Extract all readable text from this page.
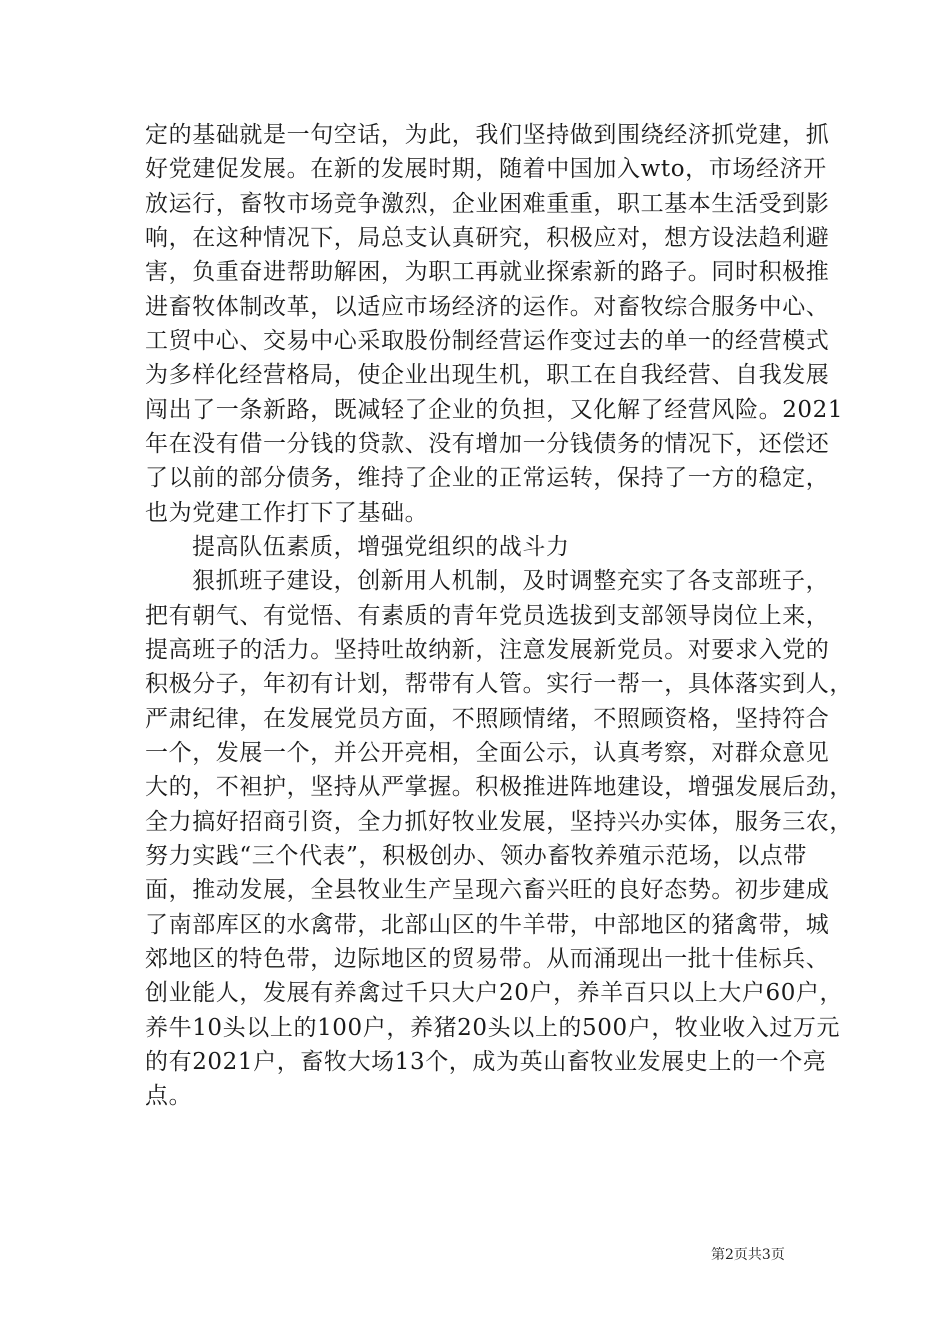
定的基础就是一句空话，为此，我们坚持做到围绕经济抓党建，抓
好党建促发展。在新的发展时期，随着中国加入wto，市场经济开
放运行，畜牧市场竞争激烈，企业困难重重，职工基本生活受到影
响，在这种情况下，局总支认真研究，积极应对，想方设法趋利避
害，负重奋进帮助解困，为职工再就业探索新的路子。同时积极推
进畜牧体制改革，以适应市场经济的运作。对畜牧综合服务中心、
工贸中心、交易中心采取股份制经营运作变过去的单一的经营模式
为多样化经营格局，使企业出现生机，职工在自我经营、自我发展
闯出了一条新路，既减轻了企业的负担，又化解了经营风险。2021
年在没有借一分钱的贷款、没有增加一分钱债务的情况下，还偿还
了以前的部分债务，维持了企业的正常运转，保持了一方的稳定，
也为党建工作打下了基础。
提高队伍素质，增强党组织的战斗力
狠抓班子建设，创新用人机制，及时调整充实了各支部班子，
把有朝气、有觉悟、有素质的青年党员选拔到支部领导岗位上来，
提高班子的活力。坚持吐故纳新，注意发展新党员。对要求入党的
积极分子，年初有计划，帮带有人管。实行一帮一，具体落实到人，
严肃纪律，在发展党员方面，不照顾情绪，不照顾资格，坚持符合
一个，发展一个，并公开亮相，全面公示，认真考察，对群众意见
大的，不袒护，坚持从严掌握。积极推进阵地建设，增强发展后劲，
全力搞好招商引资，全力抓好牧业发展，坚持兴办实体，服务三农，
努力实践“三个代表”，积极创办、领办畜牧养殖示范场，以点带
面，推动发展，全县牧业生产呈现六畜兴旺的良好态势。初步建成
了南部库区的水禽带，北部山区的牛羊带，中部地区的猪禽带，城
郊地区的特色带，边际地区的贸易带。从而涌现出一批十佳标兵、
创业能人，发展有养禽过千只大户20户，养羊百只以上大户60户，
养牛10头以上的100户，养猪20头以上的500户，牧业收入过万元
的有2021户，畜牧大场13个，成为英山畜牧业发展史上的一个亮
点。
第2页共3页
